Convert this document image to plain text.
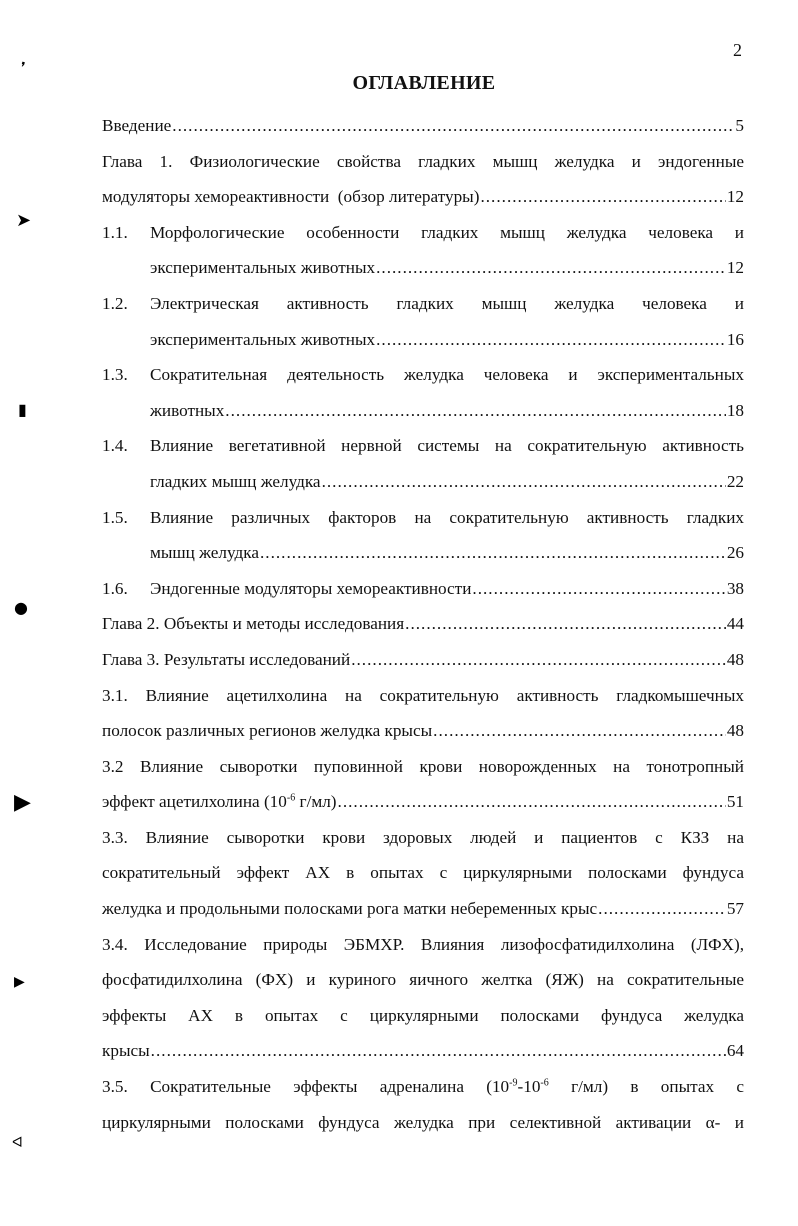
2
ОГЛАВЛЕНИЕ
❜
➤
▮
●
▶
▶
ᐊ
Введение .....	5
Глава 1. Физиологические свойства гладких мышц желудка и эндогенные
модуляторы хемореактивности  (обзор литературы) .....	12
1.1.	Морфологические особенности гладких мышц желудка человека и
экспериментальных животных .....	12
1.2.	Электрическая активность гладких мышц желудка человека и
экспериментальных животных .....	16
1.3.	Сократительная деятельность желудка человека и экспериментальных
животных .....	18
1.4.	Влияние вегетативной нервной системы на сократительную активность
гладких мышц желудка .....	22
1.5.	Влияние различных факторов на сократительную активность гладких
мышц желудка .....	26
1.6.	Эндогенные модуляторы хемореактивности .....	38
Глава 2. Объекты и методы исследования .....	44
Глава 3. Результаты исследований .....	48
3.1. Влияние ацетилхолина на сократительную активность гладкомышечных
полосок различных регионов желудка крысы .....	48
3.2 Влияние сыворотки пуповинной крови новорожденных на тонотропный
эффект ацетилхолина ($10^{-6}$ г/мл) .....	51
3.3. Влияние сыворотки крови здоровых людей и пациентов с КЗЗ на
сократительный эффект АХ в опытах с циркулярными полосками фундуса
желудка и продольными полосками рога матки небеременных крыс .....	57
3.4. Исследование природы ЭБМХР. Влияния лизофосфатидилхолина (ЛФХ),
фосфатидилхолина (ФХ) и куриного яичного желтка (ЯЖ) на сократительные
эффекты АХ в опытах с циркулярными полосками фундуса желудка
крысы .....	64
3.5. Сократительные эффекты адреналина ($10^{-9}-10^{-6}$ г/мл) в опытах с
циркулярными полосками фундуса желудка при селективной активации α- и
